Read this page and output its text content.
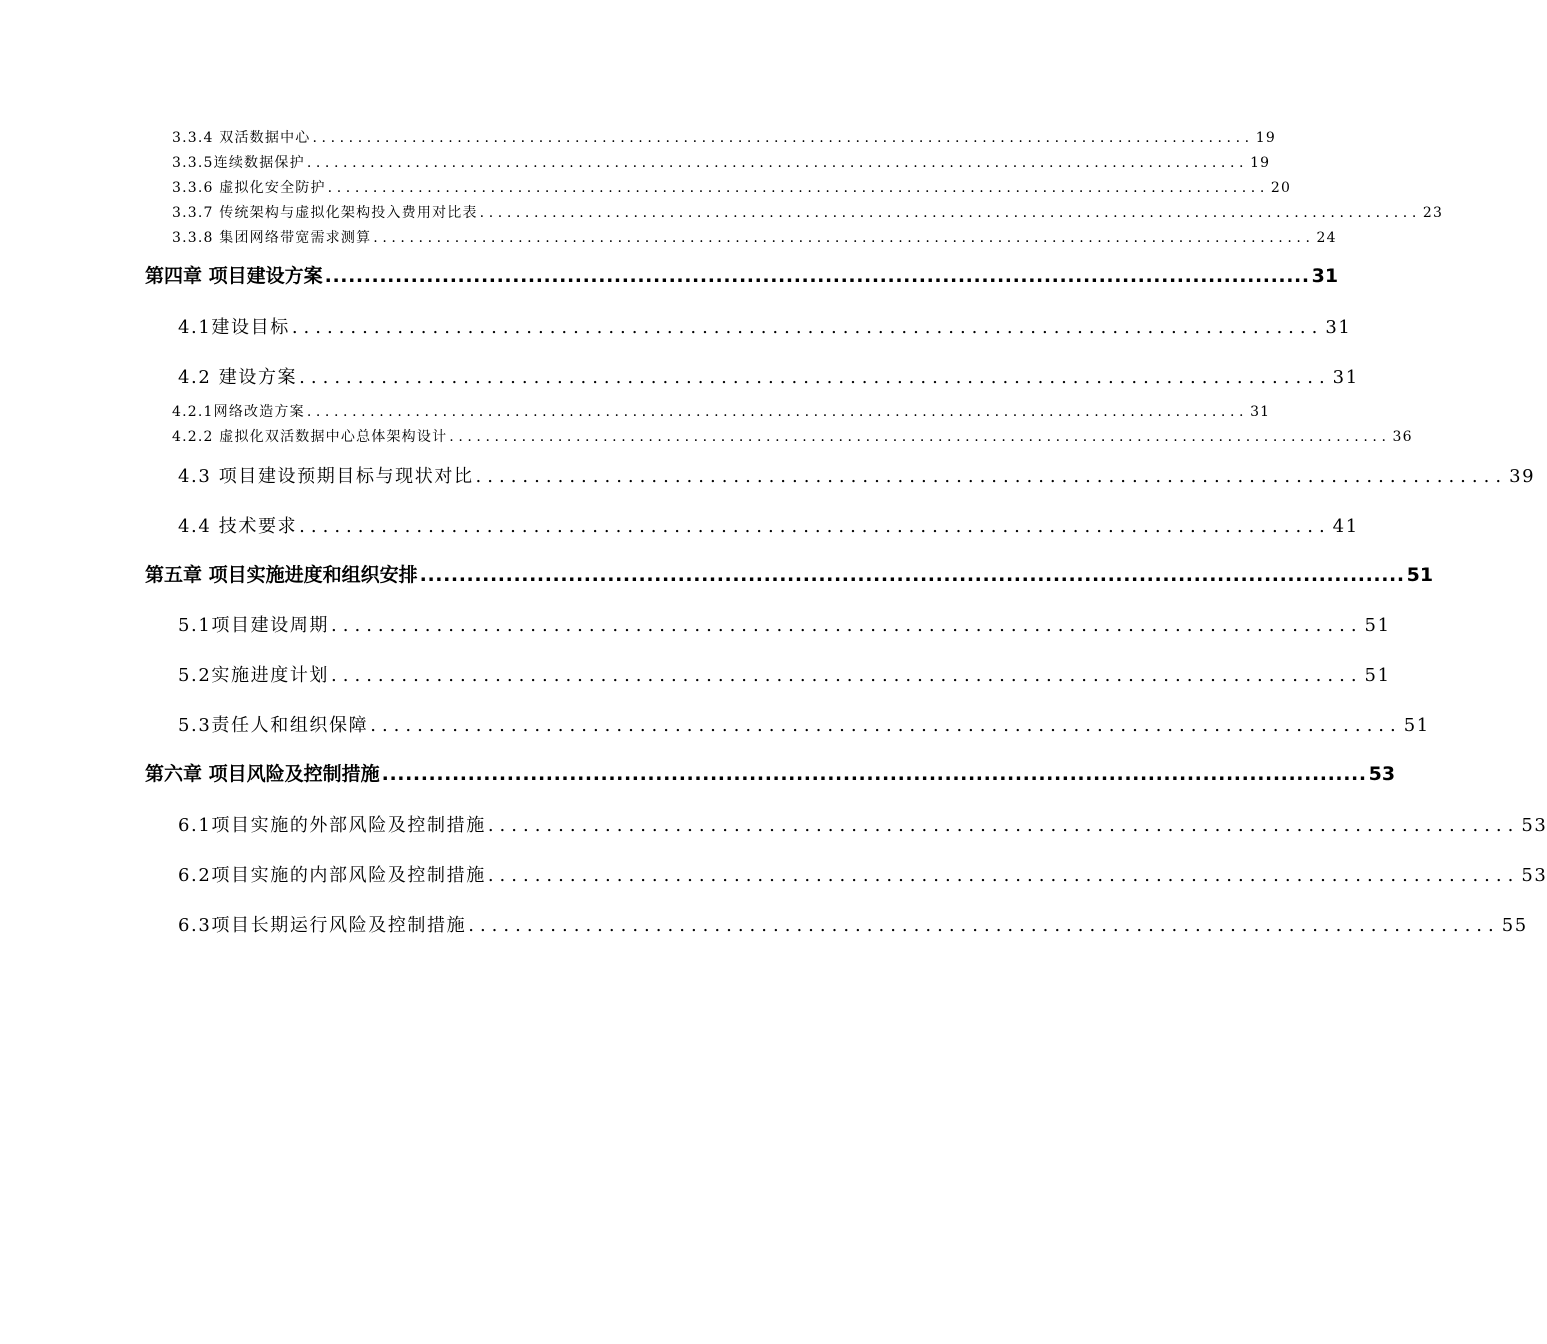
3.3.4 双活数据中心 ........................................................................................................ 19
3.3.5连续数据保护 ........................................................................................................ 19
3.3.6 虚拟化安全防护 ........................................................................................................ 20
3.3.7 传统架构与虚拟化架构投入费用对比表 ........................................................................................................ 23
3.3.8 集团网络带宽需求测算 ........................................................................................................ 24
第四章 项目建设方案 .............................................................................................................................. 31
4.1建设目标 ........................................................................................ 31
4.2 建设方案 ........................................................................................ 31
4.2.1网络改造方案 ........................................................................................................ 31
4.2.2 虚拟化双活数据中心总体架构设计 ........................................................................................................ 36
4.3 项目建设预期目标与现状对比 ........................................................................................ 39
4.4 技术要求 ........................................................................................ 41
第五章 项目实施进度和组织安排 .............................................................................................................................. 51
5.1项目建设周期 ........................................................................................ 51
5.2实施进度计划 ........................................................................................ 51
5.3责任人和组织保障 ........................................................................................ 51
第六章 项目风险及控制措施 .............................................................................................................................. 53
6.1项目实施的外部风险及控制措施 ........................................................................................ 53
6.2项目实施的内部风险及控制措施 ........................................................................................ 53
6.3项目长期运行风险及控制措施 ........................................................................................ 55
